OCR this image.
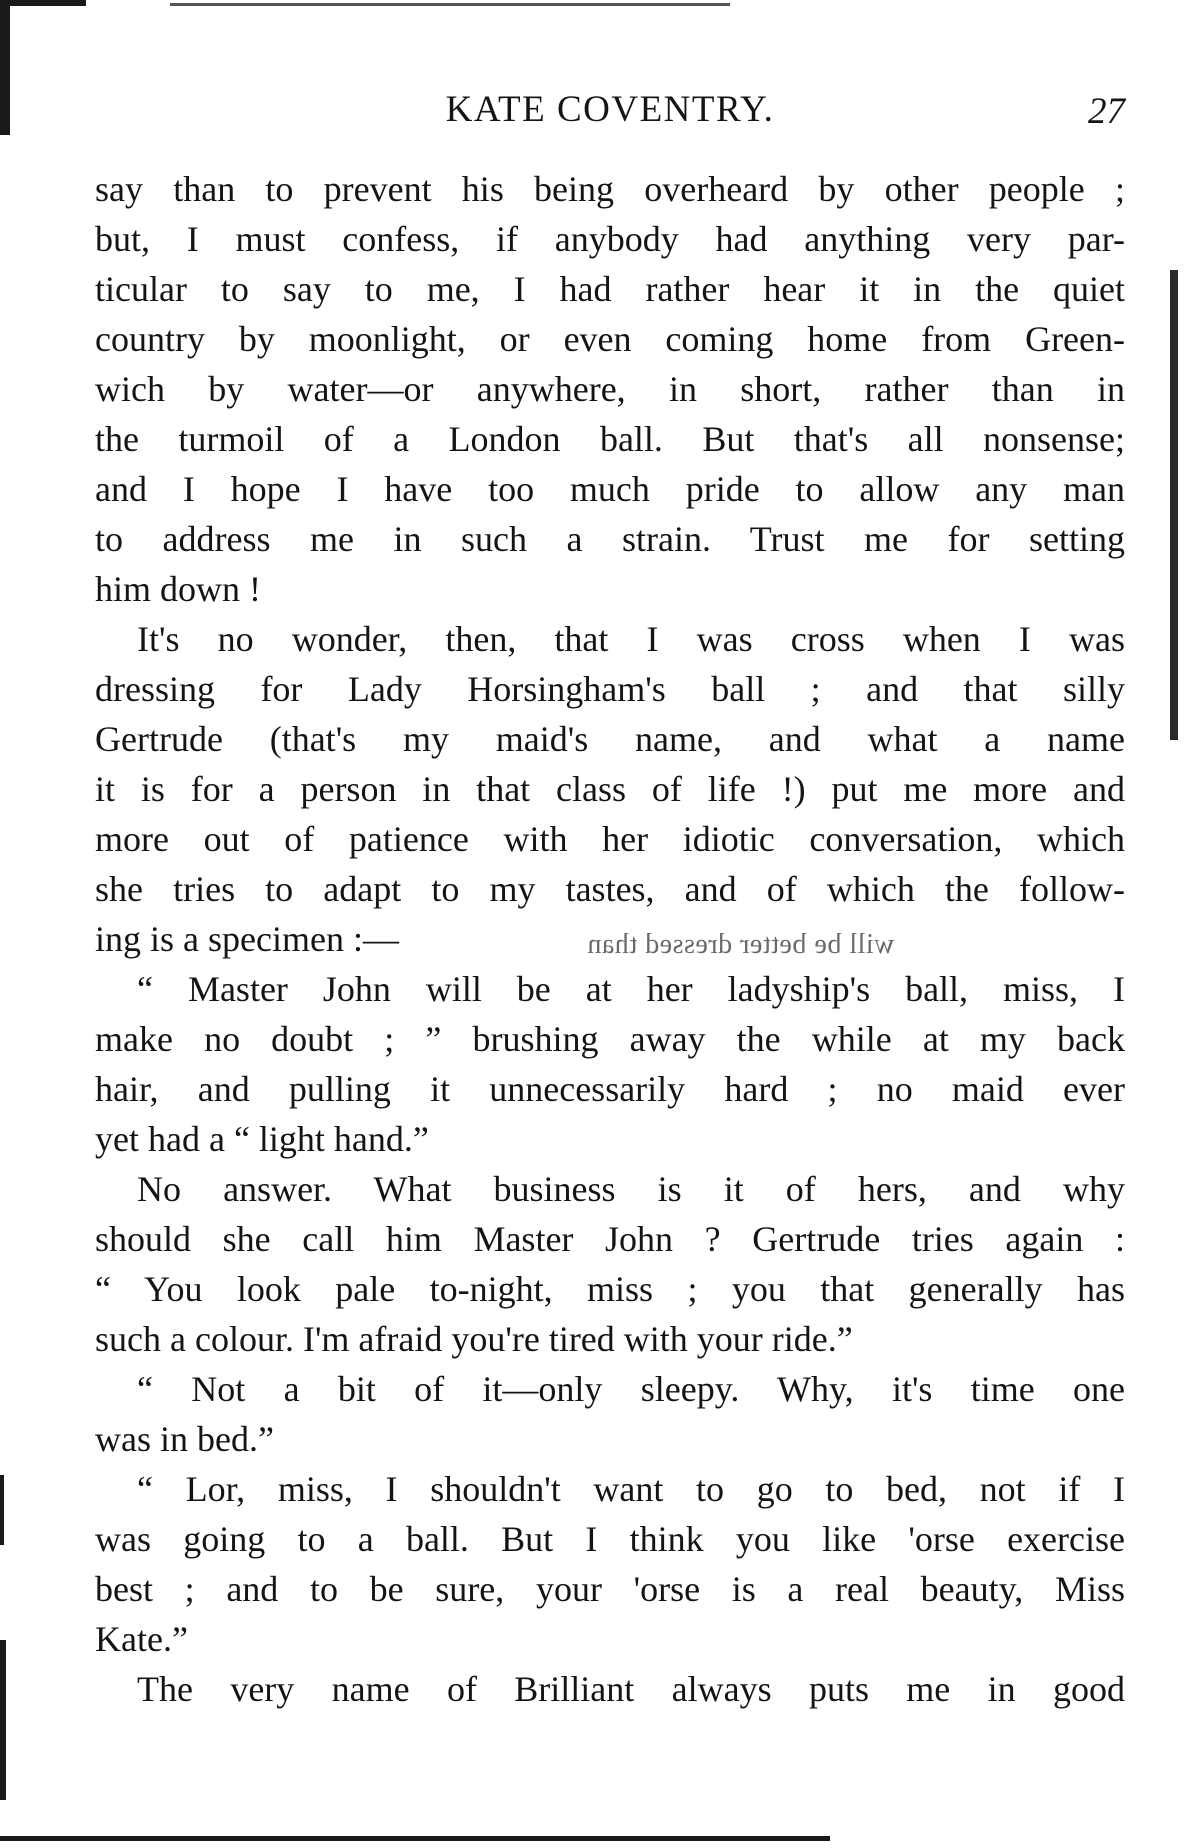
KATE COVENTRY.	27
say than to prevent his being overheard by other people ;
but, I must confess, if anybody had anything very par-
ticular to say to me, I had rather hear it in the quiet
country by moonlight, or even coming home from Green-
wich by water—or anywhere, in short, rather than in
the turmoil of a London ball. But that's all nonsense;
and I hope I have too much pride to allow any man
to address me in such a strain. Trust me for setting
him down !
It's no wonder, then, that I was cross when I was
dressing for Lady Horsingham's ball ; and that silly
Gertrude (that's my maid's name, and what a name
it is for a person in that class of life !) put me more and
more out of patience with her idiotic conversation, which
she tries to adapt to my tastes, and of which the follow-
ing is a specimen :—	will be better dressed than
“ Master John will be at her ladyship's ball, miss, I
make no doubt ; ” brushing away the while at my back
hair, and pulling it unnecessarily hard ; no maid ever
yet had a “ light hand.”
No answer. What business is it of hers, and why
should she call him Master John ? Gertrude tries again :
“ You look pale to-night, miss ; you that generally has
such a colour. I'm afraid you're tired with your ride.”
“ Not a bit of it—only sleepy. Why, it's time one
was in bed.”
“ Lor, miss, I shouldn't want to go to bed, not if I
was going to a ball. But I think you like 'orse exercise
best ; and to be sure, your 'orse is a real beauty, Miss
Kate.”
The very name of Brilliant always puts me in good
